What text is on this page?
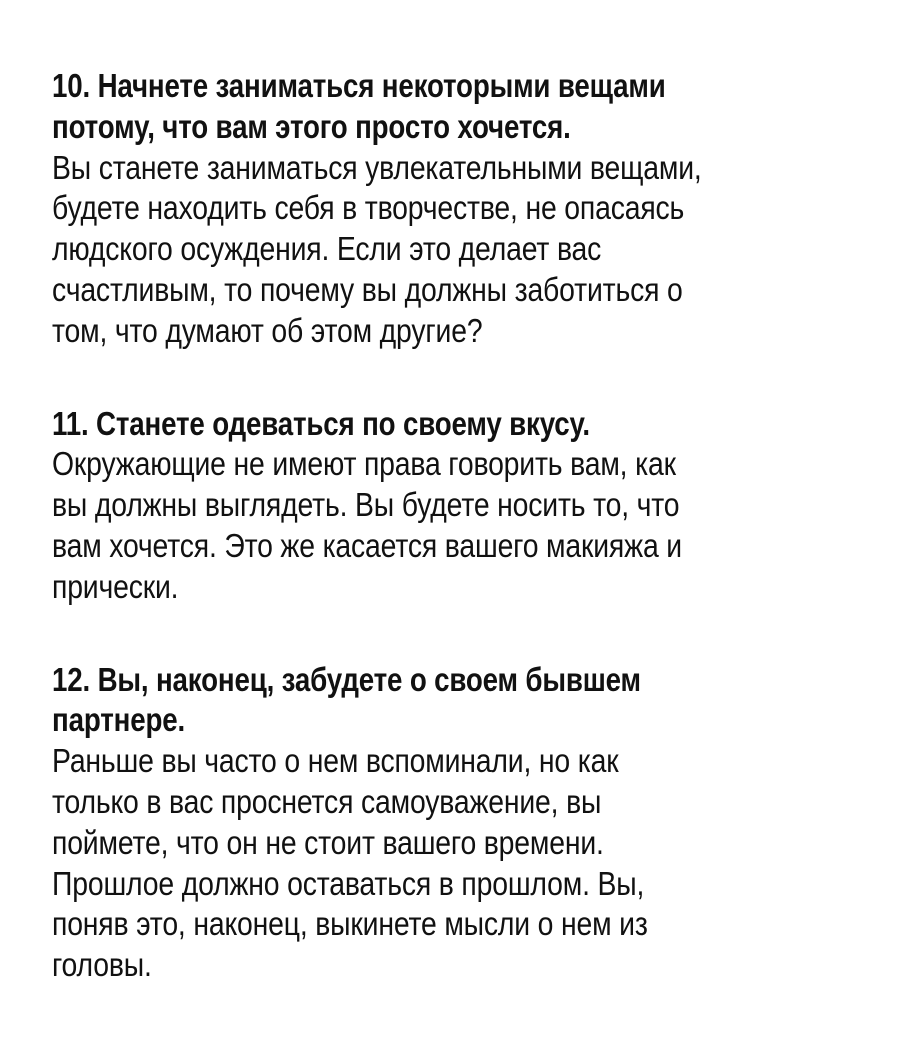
10. Начнете заниматься некоторыми вещами
потому, что вам этого просто хочется.
Вы станете заниматься увлекательными вещами,
будете находить себя в творчестве, не опасаясь
людского осуждения. Если это делает вас
счастливым, то почему вы должны заботиться о
том, что думают об этом другие?
11. Станете одеваться по своему вкусу.
Окружающие не имеют права говорить вам, как
вы должны выглядеть. Вы будете носить то, что
вам хочется. Это же касается вашего макияжа и
прически.
12. Вы, наконец, забудете о своем бывшем
партнере.
Раньше вы часто о нем вспоминали, но как
только в вас проснется самоуважение, вы
поймете, что он не стоит вашего времени.
Прошлое должно оставаться в прошлом. Вы,
поняв это, наконец, выкинете мысли о нем из
головы.
